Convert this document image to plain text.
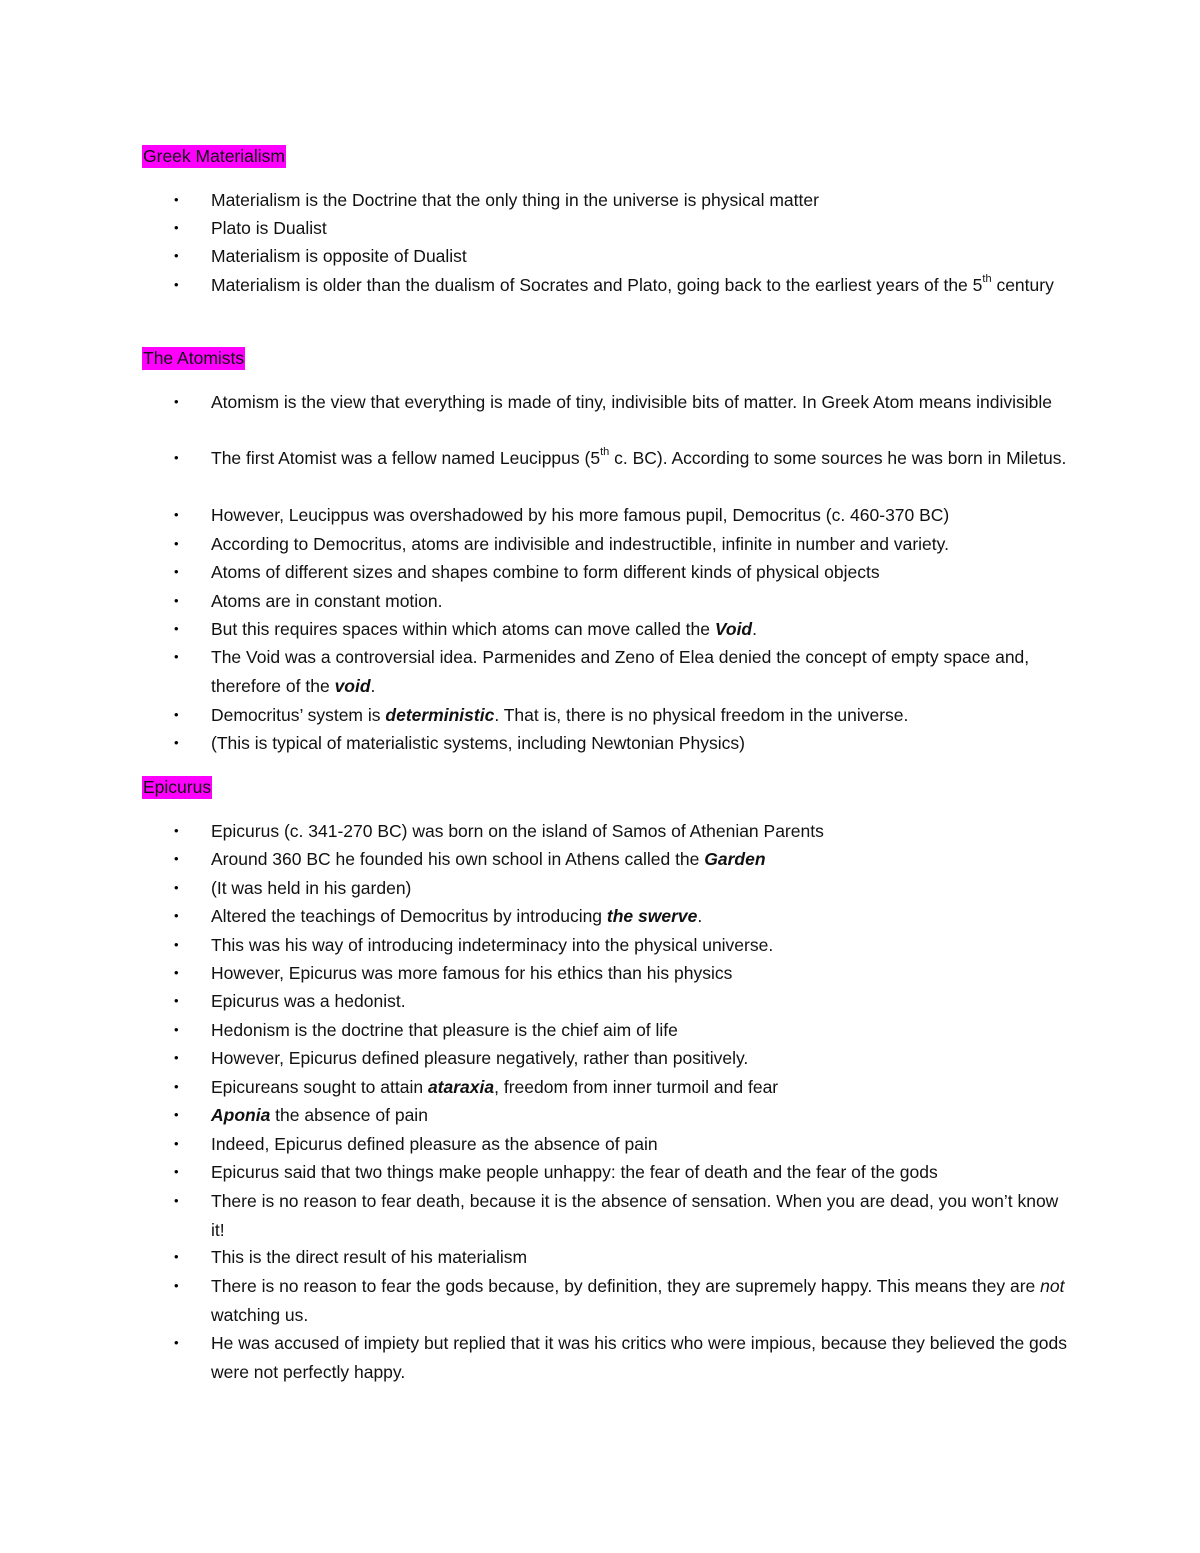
Greek Materialism
• Materialism is the Doctrine that the only thing in the universe is physical matter
• Plato is Dualist
• Materialism is opposite of Dualist
• Materialism is older than the dualism of Socrates and Plato, going back to the earliest years of the 5th century
The Atomists
• Atomism is the view that everything is made of tiny, indivisible bits of matter. In Greek Atom means indivisible
• The first Atomist was a fellow named Leucippus (5th c. BC). According to some sources he was born in Miletus.
• However, Leucippus was overshadowed by his more famous pupil, Democritus (c. 460-370 BC)
• According to Democritus, atoms are indivisible and indestructible, infinite in number and variety.
• Atoms of different sizes and shapes combine to form different kinds of physical objects
• Atoms are in constant motion.
• But this requires spaces within which atoms can move called the Void.
• The Void was a controversial idea. Parmenides and Zeno of Elea denied the concept of empty space and, therefore of the void.
• Democritus’ system is deterministic. That is, there is no physical freedom in the universe.
• (This is typical of materialistic systems, including Newtonian Physics)
Epicurus
• Epicurus (c. 341-270 BC) was born on the island of Samos of Athenian Parents
• Around 360 BC he founded his own school in Athens called the Garden
• (It was held in his garden)
• Altered the teachings of Democritus by introducing the swerve.
• This was his way of introducing indeterminacy into the physical universe.
• However, Epicurus was more famous for his ethics than his physics
• Epicurus was a hedonist.
• Hedonism is the doctrine that pleasure is the chief aim of life
• However, Epicurus defined pleasure negatively, rather than positively.
• Epicureans sought to attain ataraxia, freedom from inner turmoil and fear
• Aponia the absence of pain
• Indeed, Epicurus defined pleasure as the absence of pain
• Epicurus said that two things make people unhappy: the fear of death and the fear of the gods
• There is no reason to fear death, because it is the absence of sensation. When you are dead, you won’t know it!
• This is the direct result of his materialism
• There is no reason to fear the gods because, by definition, they are supremely happy. This means they are not watching us.
• He was accused of impiety but replied that it was his critics who were impious, because they believed the gods were not perfectly happy.
